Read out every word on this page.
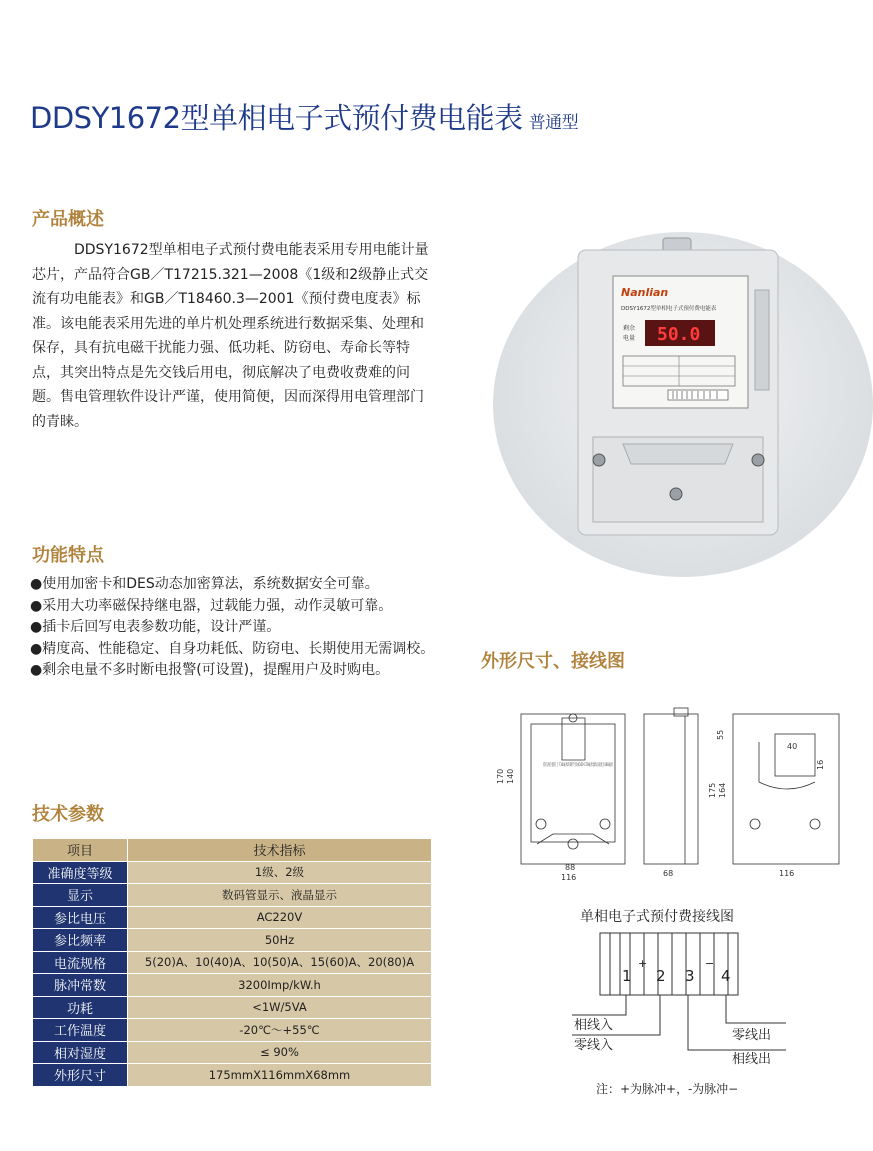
DDSY1672型单相电子式预付费电能表 普通型
产品概述
DDSY1672型单相电子式预付费电能表采用专用电能计量芯片，产品符合GB／T17215.321—2008《1级和2级静止式交流有功电能表》和GB／T18460.3—2001《预付费电度表》标准。该电能表采用先进的单片机处理系统进行数据采集、处理和保存，具有抗电磁干扰能力强、低功耗、防窃电、寿命长等特点，其突出特点是先交钱后用电，彻底解决了电费收费难的问题。售电管理软件设计严谨，使用简便，因而深得用电管理部门的青睐。
Nanlian
DDSY1672型单相电子式预付费电能表
50.0
剩余
电量
功能特点
●使用加密卡和DES动态加密算法，系统数据安全可靠。
●采用大功率磁保持继电器，过载能力强，动作灵敏可靠。
●插卡后回写电表参数功能，设计严谨。
●精度高、性能稳定、自身功耗低、防窃电、长期使用无需调校。
●剩余电量不多时断电报警(可设置)，提醒用户及时购电。	外形尺寸、接线图
挂孔的位置有上下10毫米的调节空间(160-170毫米)默认高度为160毫米
170 140
88
116	68
55
40
16
175 164
116
单相电子式预付费接线图
1 2 3 4
+	−
相线入
零线入
零线出
相线出
注：+为脉冲+，-为脉冲−
技术参数
项目	技术指标
准确度等级	1级、2级
显示	数码管显示、液晶显示
参比电压	AC220V
参比频率	50Hz
电流规格	5(20)A、10(40)A、10(50)A、15(60)A、20(80)A
脉冲常数	3200Imp/kW.h
功耗	<1W/5VA
工作温度	-20℃～+55℃
相对湿度	≤ 90%
外形尺寸	175mmX116mmX68mm
